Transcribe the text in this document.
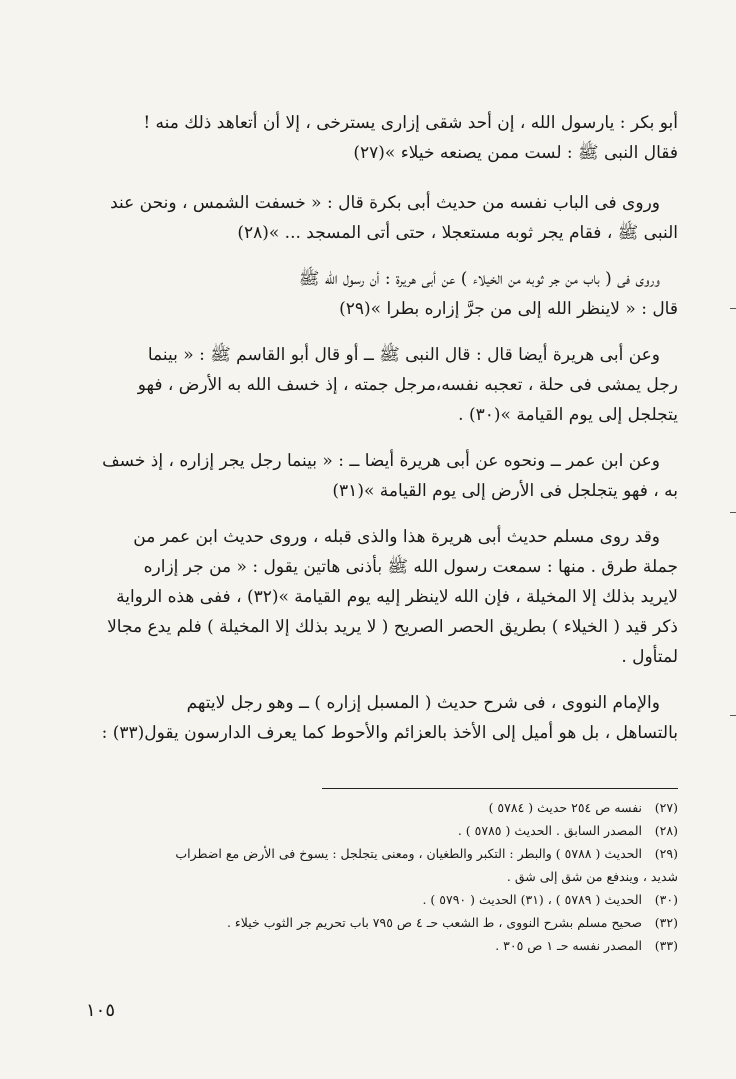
أبو بكر : يارسول الله ، إن أحد شقى إزارى يسترخى ، إلا أن أتعاهد ذلك منه !
فقال النبى ﷺ : لست ممن يصنعه خيلاء »(٢٧)

وروى فى الباب نفسه من حديث أبى بكرة قال : « خسفت الشمس ، ونحن عند
النبى ﷺ ، فقام يجر ثوبه مستعجلا ، حتى أتى المسجد ... »(٢٨)

وروى فى ( باب من جر ثوبه من الخيلاء ) عن أبى هريرة : أن رسول الله ﷺ
قال : « لاينظر الله إلى من جرَّ إزاره بطرا »(٢٩)

وعن أبى هريرة أيضا قال : قال النبى ﷺ ــ أو قال أبو القاسم ﷺ : « بينما
رجل يمشى فى حلة ، تعجبه نفسه،مرجل جمته ، إذ خسف الله به الأرض ، فهو
يتجلجل إلى يوم القيامة »(٣٠) .

وعن ابن عمر ــ ونحوه عن أبى هريرة أيضا ــ : « بينما رجل يجر إزاره ، إذ خسف
به ، فهو يتجلجل فى الأرض إلى يوم القيامة »(٣١)

وقد روى مسلم حديث أبى هريرة هذا والذى قبله ، وروى حديث ابن عمر من
جملة طرق . منها : سمعت رسول الله ﷺ بأذنى هاتين يقول : « من جر إزاره
لايريد بذلك إلا المخيلة ، فإن الله لاينظر إليه يوم القيامة »(٣٢) ، ففى هذه الرواية
ذكر قيد ( الخيلاء ) بطريق الحصر الصريح ( لا يريد بذلك إلا المخيلة ) فلم يدع مجالا
لمتأول .

والإمام النووى ، فى شرح حديث ( المسبل إزاره ) ــ وهو رجل لايتهم
بالتساهل ، بل هو أميل إلى الأخذ بالعزائم والأحوط كما يعرف الدارسون يقول(٣٣) :

(٢٧)
نفسه ص ٢٥٤ حديث ( ٥٧٨٤ )
(٢٨)
المصدر السابق . الحديث ( ٥٧٨٥ ) .
(٢٩)
الحديث ( ٥٧٨٨ ) والبطر : التكبر والطغيان ، ومعنى يتجلجل : يسوخ فى الأرض مع اضطراب
شديد ، ويندفع من شق إلى شق .
(٣٠)
الحديث ( ٥٧٨٩ ) ، (٣١) الحديث ( ٥٧٩٠ ) .
(٣٢)
صحيح مسلم بشرح النووى ، ط الشعب حـ ٤ ص ٧٩٥ باب تحريم جر الثوب خيلاء .
(٣٣)
المصدر نفسه حـ ١ ص ٣٠٥ .
١٠٥
